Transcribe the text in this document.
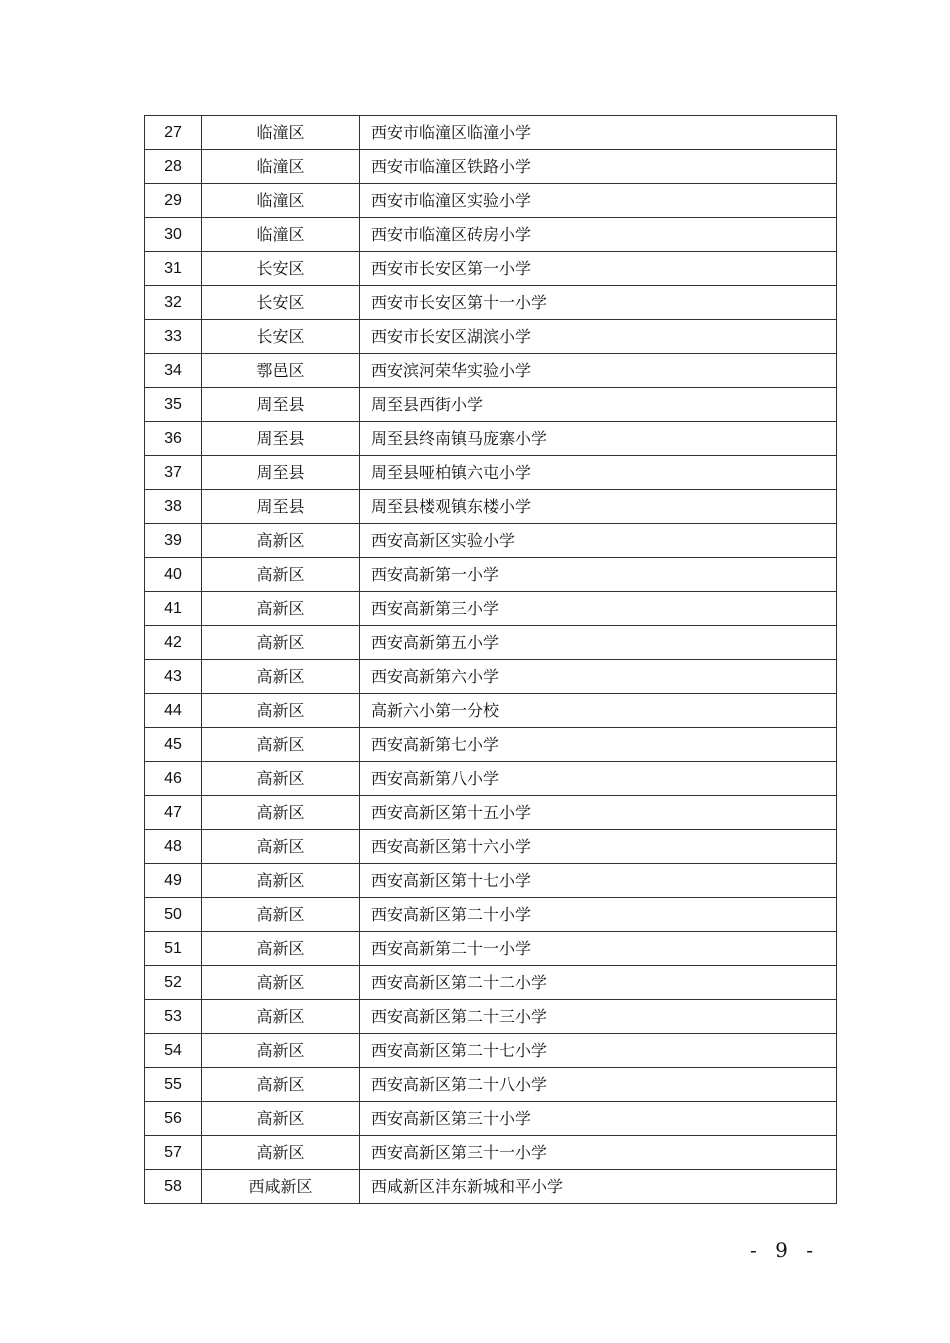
27	临潼区	西安市临潼区临潼小学
28	临潼区	西安市临潼区铁路小学
29	临潼区	西安市临潼区实验小学
30	临潼区	西安市临潼区砖房小学
31	长安区	西安市长安区第一小学
32	长安区	西安市长安区第十一小学
33	长安区	西安市长安区湖滨小学
34	鄠邑区	西安滨河荣华实验小学
35	周至县	周至县西街小学
36	周至县	周至县终南镇马庞寨小学
37	周至县	周至县哑柏镇六屯小学
38	周至县	周至县楼观镇东楼小学
39	高新区	西安高新区实验小学
40	高新区	西安高新第一小学
41	高新区	西安高新第三小学
42	高新区	西安高新第五小学
43	高新区	西安高新第六小学
44	高新区	高新六小第一分校
45	高新区	西安高新第七小学
46	高新区	西安高新第八小学
47	高新区	西安高新区第十五小学
48	高新区	西安高新区第十六小学
49	高新区	西安高新区第十七小学
50	高新区	西安高新区第二十小学
51	高新区	西安高新第二十一小学
52	高新区	西安高新区第二十二小学
53	高新区	西安高新区第二十三小学
54	高新区	西安高新区第二十七小学
55	高新区	西安高新区第二十八小学
56	高新区	西安高新区第三十小学
57	高新区	西安高新区第三十一小学
58	西咸新区	西咸新区沣东新城和平小学
- 9 -
